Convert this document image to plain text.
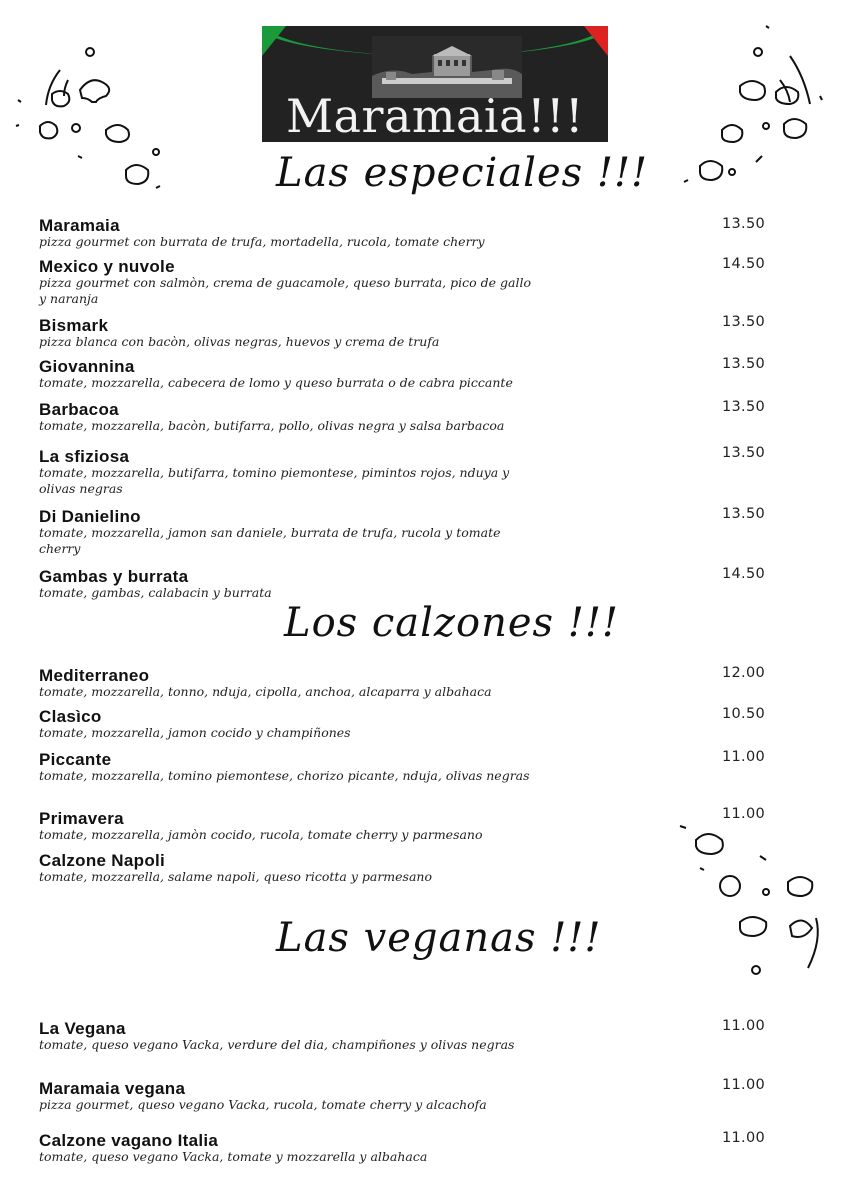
Maramaia!!!
Las especiales !!!
Maramaia
pizza gourmet con burrata de trufa, mortadella, rucola, tomate cherry
13.50
Mexico y nuvole
pizza gourmet con salmòn, crema de guacamole, queso burrata, pico de gallo y naranja
14.50
Bismark
pizza blanca con bacòn, olivas negras, huevos y crema de trufa
13.50
Giovannina
tomate, mozzarella, cabecera de lomo y queso burrata o de cabra piccante
13.50
Barbacoa
tomate, mozzarella, bacòn, butifarra, pollo, olivas negra y salsa barbacoa
13.50
La sfiziosa
tomate, mozzarella, butifarra, tomino piemontese, pimintos rojos, nduya y olivas negras
13.50
Di Danielino
tomate, mozzarella, jamon san daniele, burrata de trufa, rucola y tomate cherry
13.50
Gambas y burrata
tomate, gambas, calabacin y burrata
14.50
Los calzones !!!
Mediterraneo
tomate, mozzarella, tonno, nduja, cipolla, anchoa, alcaparra y albahaca
12.00
Clasìco
tomate, mozzarella, jamon cocido y champiñones
10.50
Piccante
tomate, mozzarella, tomino piemontese, chorizo picante, nduja, olivas negras
11.00
Primavera
tomate, mozzarella, jamòn cocido, rucola, tomate cherry y parmesano
11.00
Calzone Napoli
tomate, mozzarella, salame napoli, queso ricotta y parmesano
Las veganas !!!
La Vegana
tomate, queso vegano Vacka, verdure del dia, champiñones y olivas negras
11.00
Maramaia vegana
pizza gourmet, queso vegano Vacka, rucola, tomate cherry y alcachofa
11.00
Calzone vagano Italia
tomate, queso vegano Vacka, tomate y mozzarella y albahaca
11.00
